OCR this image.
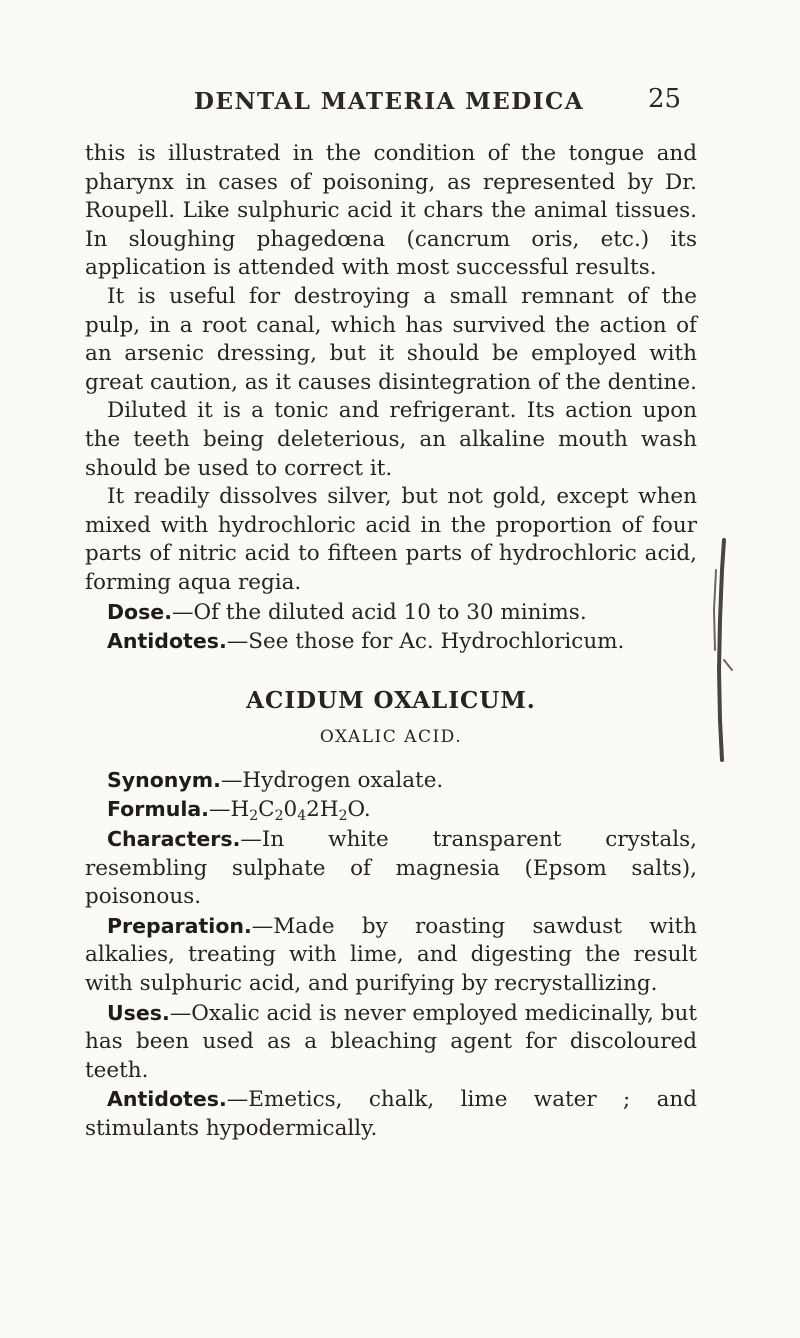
DENTAL MATERIA MEDICA	25

this is illustrated in the condition of the tongue and pharynx in cases of poisoning, as represented by Dr. Roupell. Like sulphuric acid it chars the animal tissues. In sloughing phagedœna (cancrum oris, etc.) its application is attended with most successful results.

It is useful for destroying a small remnant of the pulp, in a root canal, which has survived the action of an arsenic dressing, but it should be employed with great caution, as it causes disintegration of the dentine.

Diluted it is a tonic and refrigerant. Its action upon the teeth being deleterious, an alkaline mouth wash should be used to correct it.

It readily dissolves silver, but not gold, except when mixed with hydrochloric acid in the proportion of four parts of nitric acid to fifteen parts of hydrochloric acid, forming aqua regia.

Dose.—Of the diluted acid 10 to 30 minims.

Antidotes.—See those for Ac. Hydrochloricum.

ACIDUM OXALICUM.
OXALIC ACID.

Synonym.—Hydrogen oxalate.

$Formula.—H_2C_20_42H_2O$.

Characters.—In white transparent crystals, resembling sulphate of magnesia (Epsom salts), poisonous.

Preparation.—Made by roasting sawdust with alkalies, treating with lime, and digesting the result with sulphuric acid, and purifying by recrystallizing.

Uses.—Oxalic acid is never employed medicinally, but has been used as a bleaching agent for discoloured teeth.

Antidotes.—Emetics, chalk, lime water ; and stimulants hypodermically.
